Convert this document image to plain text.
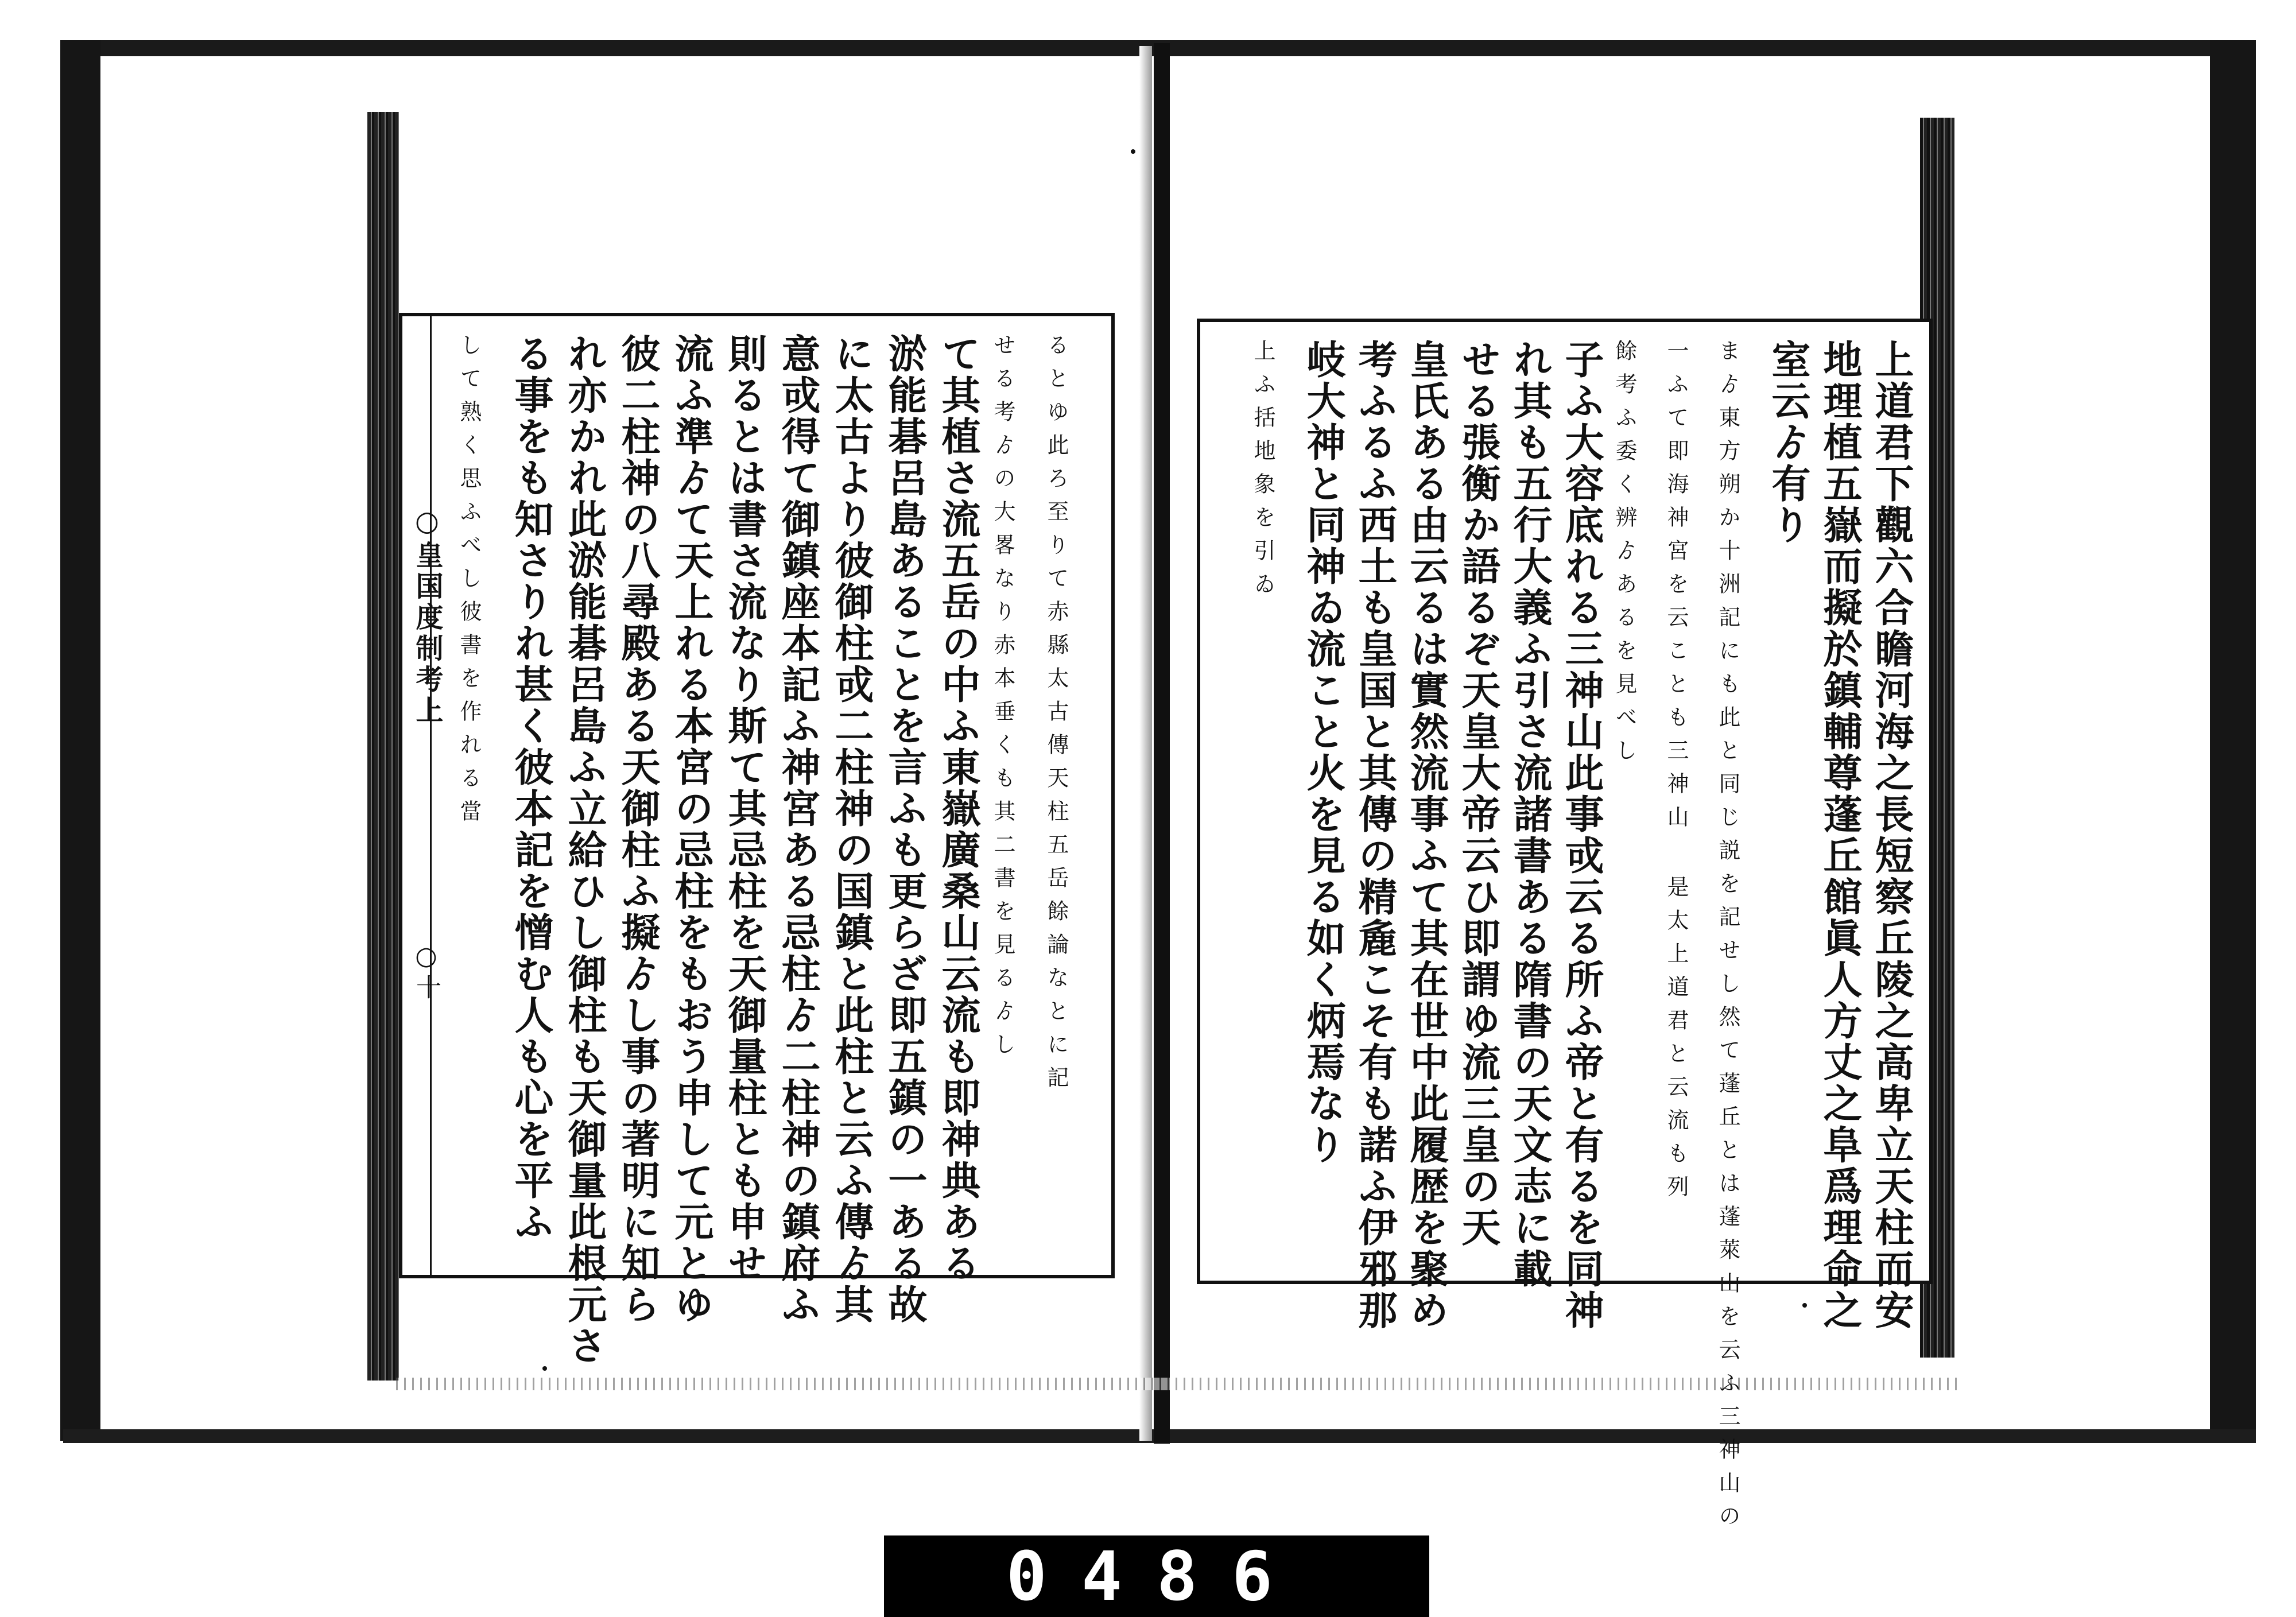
るとゆ此ろ至りて赤縣太古傳天柱五岳餘論なとに記
せる考ゟの大畧なり赤本垂くも其二書を見るゟし
て其植さ流五岳の中ふ東嶽廣桑山云流も即神典ある
淤能碁呂島あることを言ふも更らざ即五鎮の一ある故
に太古より彼御柱戓二柱神の国鎮と此柱と云ふ傳ゟ其
意戓得て御鎮座本記ふ神宮ある忌柱ゟ二柱神の鎮府ふ
則るとは書さ流なり斯て其忌柱を天御量柱とも申せ
流ふ準ゟて天上れる本宮の忌柱をもおう申して元とゆ
彼二柱神の八尋殿ある天御柱ふ擬ゟし事の著明に知ら
れ亦かれ此淤能碁呂島ふ立給ひし御柱も天御量此根元さ
る事をも知さりれ甚く彼本記を憎む人も心を平ふ
して熟く思ふべし彼書を作れる當
○皇国度制考上
○十	上道君下觀六合瞻河海之長短察丘陵之高卑立天柱而安
地理植五嶽而擬於鎮輔尊蓬丘館眞人方丈之阜爲理命之
室云ゟ有り
まゟ東方朔か十洲記にも此と同じ説を記せし然て蓬丘とは蓬萊山を云ふ三神山の
一ふて即海神宮を云ことも三神山 是太上道君と云流も列
餘考ふ委く辨ゟあるを見べし
子ふ大容底れる三神山此事戓云る所ふ帝と有るを同神
れ其も五行大義ふ引さ流諸書ある隋書の天文志に載
せる張衡か語るぞ天皇大帝云ひ即謂ゆ流三皇の天
皇氏ある由云るは實然流事ふて其在世中此履歴を聚め
考ふるふ西土も皇国と其傳の精麁こそ有も諾ふ伊邪那
岐大神と同神ゐ流こと火を見る如く炳焉なり
上ふ括地象を引ゐ
0486
